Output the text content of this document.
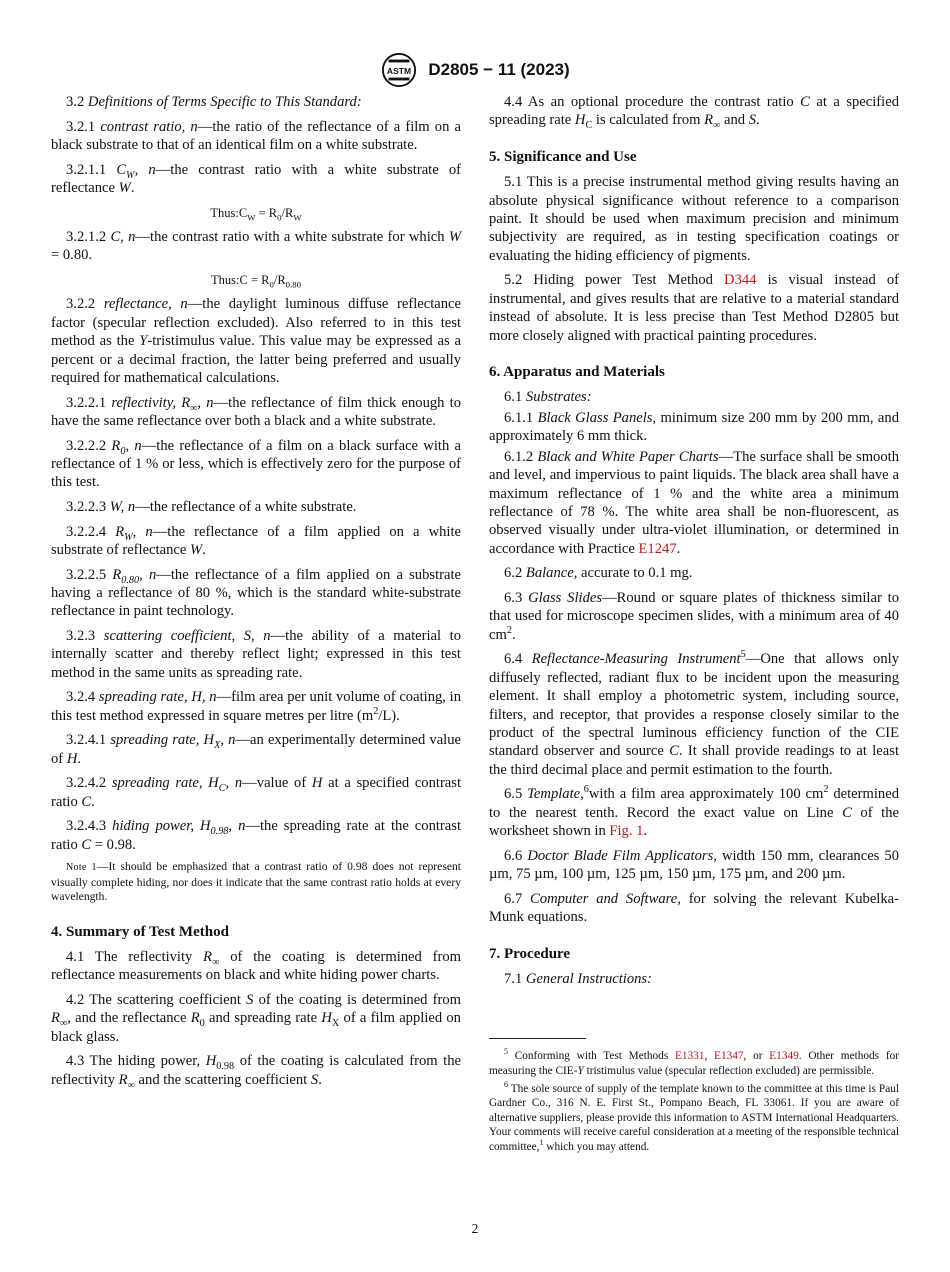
ASTM D2805 − 11 (2023)

3.2 Definitions of Terms Specific to This Standard:

3.2.1 contrast ratio, n—the ratio of the reflectance of a film on a black substrate to that of an identical film on a white substrate.

3.2.1.1 $C_W$, n—the contrast ratio with a white substrate of reflectance W.

$Thus:C_W = R_0/R_W$

3.2.1.2 C, n—the contrast ratio with a white substrate for which W = 0.80.

Thus:C = $R_0/R_{0.80}$

3.2.2 reflectance, n—the daylight luminous diffuse reflectance factor (specular reflection excluded). Also referred to in this test method as the Y-tristimulus value. This value may be expressed as a percent or a decimal fraction, the latter being preferred and usually required for mathematical calculations.

3.2.2.1 reflectivity, $R_\infty$, n—the reflectance of film thick enough to have the same reflectance over both a black and a white substrate.

3.2.2.2 $R_0$, n—the reflectance of a film on a black surface with a reflectance of 1 % or less, which is effectively zero for the purpose of this test.

3.2.2.3 W, n—the reflectance of a white substrate.

3.2.2.4 $R_W$, n—the reflectance of a film applied on a white substrate of reflectance W.

3.2.2.5 $R_{0.80}$, n—the reflectance of a film applied on a substrate having a reflectance of 80 %, which is the standard white-substrate reflectance in paint technology.

3.2.3 scattering coefficient, S, n—the ability of a material to internally scatter and thereby reflect light; expressed in this test method in the same units as spreading rate.

3.2.4 spreading rate, H, n—film area per unit volume of coating, in this test method expressed in square metres per litre $(m^2/L)$.

3.2.4.1 spreading rate, $H_X$, n—an experimentally determined value of H.

3.2.4.2 spreading rate, $H_C$, n—value of H at a specified contrast ratio C.

3.2.4.3 hiding power, $H_{0.98}$, n—the spreading rate at the contrast ratio C = 0.98.

Note 1—It should be emphasized that a contrast ratio of 0.98 does not represent visually complete hiding, nor does it indicate that the same contrast ratio holds at every wavelength.

4. Summary of Test Method

4.1 The reflectivity $R_\infty$ of the coating is determined from reflectance measurements on black and white hiding power charts.

4.2 The scattering coefficient S of the coating is determined from $R_\infty$, and the reflectance $R_0$ and spreading rate $H_X$ of a film applied on black glass.

4.3 The hiding power, $H_{0.98}$ of the coating is calculated from the reflectivity $R_\infty$ and the scattering coefficient S.

4.4 As an optional procedure the contrast ratio C at a specified spreading rate $H_C$ is calculated from $R_\infty$ and S.

5. Significance and Use

5.1 This is a precise instrumental method giving results having an absolute physical significance without reference to a comparison paint. It should be used when maximum precision and minimum subjectivity are required, as in testing specification coatings or evaluating the hiding efficiency of pigments.

5.2 Hiding power Test Method D344 is visual instead of instrumental, and gives results that are relative to a material standard instead of absolute. It is less precise than Test Method D2805 but more closely aligned with practical painting procedures.

6. Apparatus and Materials

6.1 Substrates:

6.1.1 Black Glass Panels, minimum size 200 mm by 200 mm, and approximately 6 mm thick.

6.1.2 Black and White Paper Charts—The surface shall be smooth and level, and impervious to paint liquids. The black area shall have a maximum reflectance of 1 % and the white area a minimum reflectance of 78 %. The white area shall be non-fluorescent, as observed visually under ultra-violet illumination, or determined in accordance with Practice E1247.

6.2 Balance, accurate to 0.1 mg.

6.3 Glass Slides—Round or square plates of thickness similar to that used for microscope specimen slides, with a minimum area of 40 $cm^2$.

6.4 Reflectance-Measuring Instrument$^5$—One that allows only diffusely reflected, radiant flux to be incident upon the measuring element. It shall employ a photometric system, including source, filters, and receptor, that provides a response closely similar to the product of the spectral luminous efficiency function of the CIE standard observer and source C. It shall provide readings to at least the third decimal place and permit estimation to the fourth.

6.5 Template,$^6$with a film area approximately 100 $cm^2$ determined to the nearest tenth. Record the exact value on Line C of the worksheet shown in Fig. 1.

6.6 Doctor Blade Film Applicators, width 150 mm, clearances 50 µm, 75 µm, 100 µm, 125 µm, 150 µm, 175 µm, and 200 µm.

6.7 Computer and Software, for solving the relevant Kubelka-Munk equations.

7. Procedure

7.1 General Instructions:

$^5$ Conforming with Test Methods E1331, E1347, or E1349. Other methods for measuring the CIE-Y tristimulus value (specular reflection excluded) are permissible.

$^6$ The sole source of supply of the template known to the committee at this time is Paul Gardner Co., 316 N. E. First St., Pompano Beach, FL 33061. If you are aware of alternative suppliers, please provide this information to ASTM International Headquarters. Your comments will receive careful consideration at a meeting of the responsible technical committee,$^1$ which you may attend.

2
